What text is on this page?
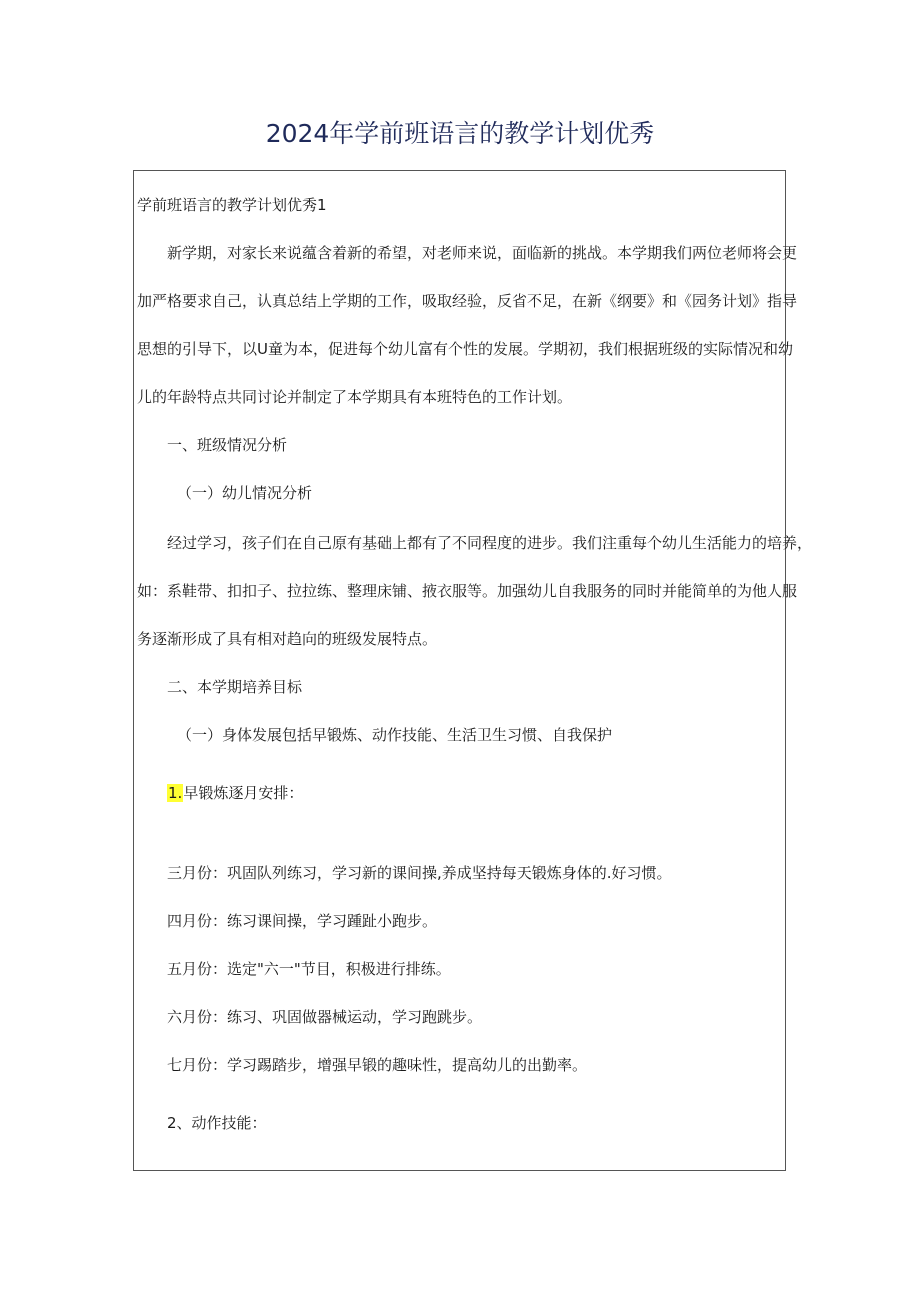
2024年学前班语言的教学计划优秀
学前班语言的教学计划优秀1
新学期，对家长来说蕴含着新的希望，对老师来说，面临新的挑战。本学期我们两位老师将会更
加严格要求自己，认真总结上学期的工作，吸取经验，反省不足，在新《纲要》和《园务计划》指导
思想的引导下，以U童为本，促进每个幼儿富有个性的发展。学期初，我们根据班级的实际情况和幼
儿的年龄特点共同讨论并制定了本学期具有本班特色的工作计划。
一、班级情况分析
（一）幼儿情况分析
经过学习，孩子们在自己原有基础上都有了不同程度的进步。我们注重每个幼儿生活能力的培养，
如：系鞋带、扣扣子、拉拉练、整理床铺、掖衣服等。加强幼儿自我服务的同时并能简单的为他人服
务逐渐形成了具有相对趋向的班级发展特点。
二、本学期培养目标
（一）身体发展包括早锻炼、动作技能、生活卫生习惯、自我保护
1.早锻炼逐月安排：
三月份：巩固队列练习，学习新的课间操,养成坚持每天锻炼身体的.好习惯。
四月份：练习课间操，学习踵趾小跑步。
五月份：选定"六一"节目，积极进行排练。
六月份：练习、巩固做器械运动，学习跑跳步。
七月份：学习踢踏步，增强早锻的趣味性，提高幼儿的出勤率。
2、动作技能：
